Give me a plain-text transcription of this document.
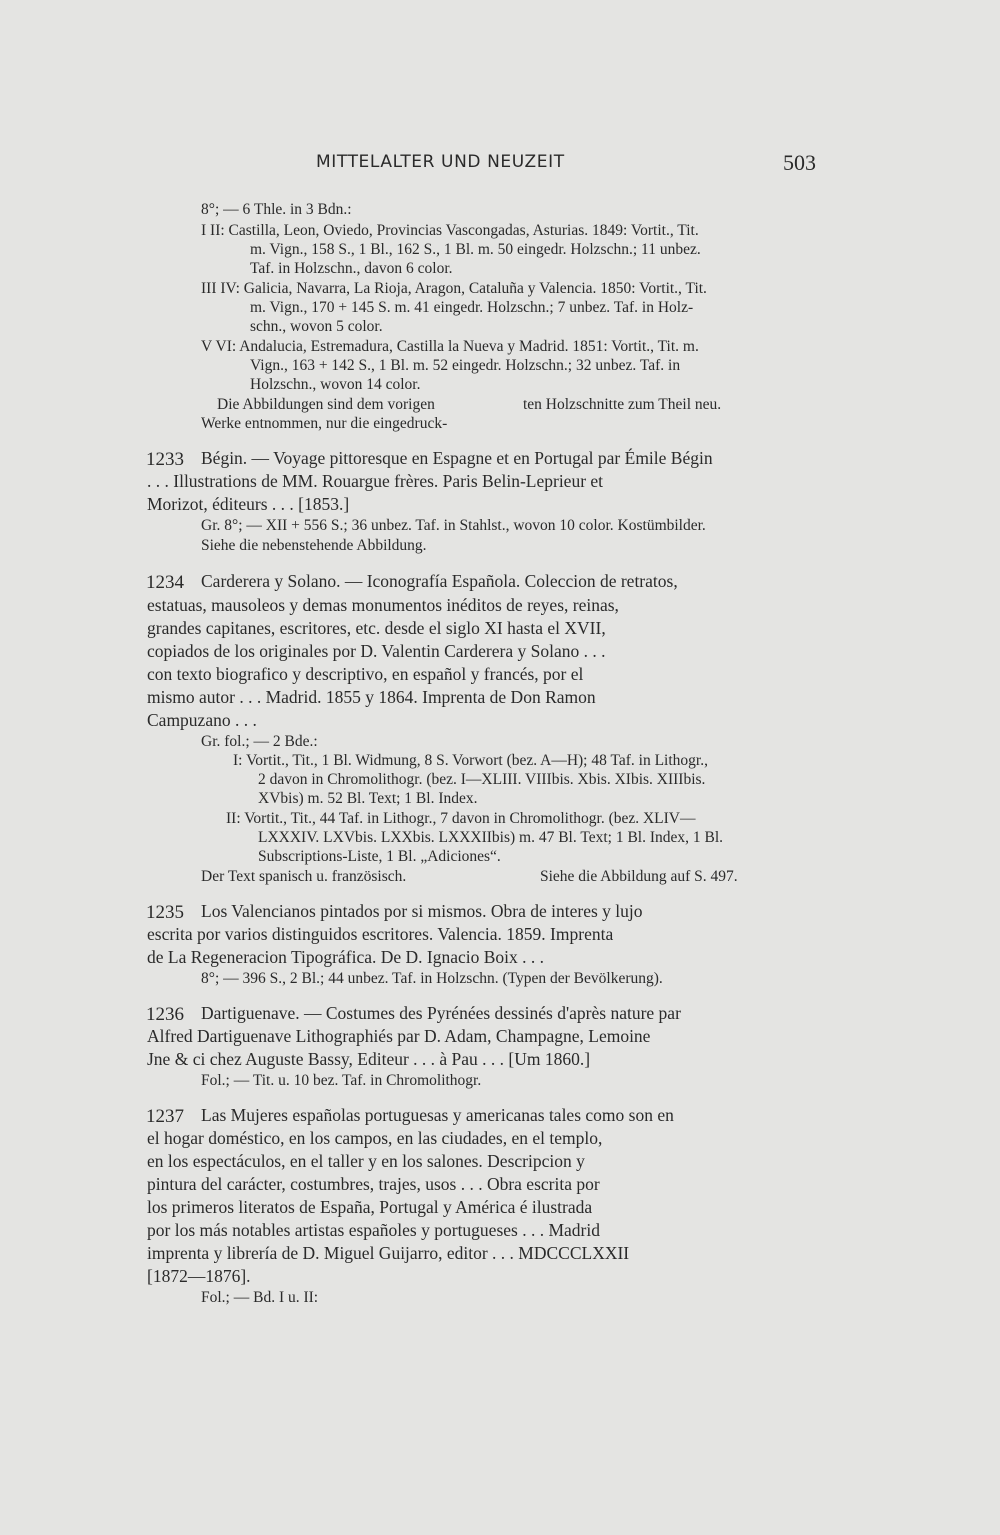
MITTELALTER UND NEUZEIT	503
8°; — 6 Thle. in 3 Bdn.:
I II: Castilla, Leon, Oviedo, Provincias Vascongadas, Asturias. 1849: Vortit., Tit.
m. Vign., 158 S., 1 Bl., 162 S., 1 Bl. m. 50 eingedr. Holzschn.; 11 unbez.
Taf. in Holzschn., davon 6 color.
III IV: Galicia, Navarra, La Rioja, Aragon, Cataluña y Valencia. 1850: Vortit., Tit.
m. Vign., 170 + 145 S. m. 41 eingedr. Holzschn.; 7 unbez. Taf. in Holz-
schn., wovon 5 color.
V VI: Andalucia, Estremadura, Castilla la Nueva y Madrid. 1851: Vortit., Tit. m.
Vign., 163 + 142 S., 1 Bl. m. 52 eingedr. Holzschn.; 32 unbez. Taf. in
Holzschn., wovon 14 color.
Die Abbildungen sind dem vorigen	ten Holzschnitte zum Theil neu.
Werke entnommen, nur die eingedruck-
1233 Bégin. — Voyage pittoresque en Espagne et en Portugal par Émile Bégin
. . . Illustrations de MM. Rouargue frères. Paris Belin-Leprieur et
Morizot, éditeurs . . . [1853.]
Gr. 8°; — XII + 556 S.; 36 unbez. Taf. in Stahlst., wovon 10 color. Kostümbilder.
Siehe die nebenstehende Abbildung.
1234 Carderera y Solano. — Iconografía Española. Coleccion de retratos,
estatuas, mausoleos y demas monumentos inéditos de reyes, reinas,
grandes capitanes, escritores, etc. desde el siglo XI hasta el XVII,
copiados de los originales por D. Valentin Carderera y Solano . . .
con texto biografico y descriptivo, en español y francés, por el
mismo autor . . . Madrid. 1855 y 1864. Imprenta de Don Ramon
Campuzano . . .
Gr. fol.; — 2 Bde.:
I: Vortit., Tit., 1 Bl. Widmung, 8 S. Vorwort (bez. A—H); 48 Taf. in Lithogr.,
2 davon in Chromolithogr. (bez. I—XLIII. VIIIbis. Xbis. XIbis. XIIIbis.
XVbis) m. 52 Bl. Text; 1 Bl. Index.
II: Vortit., Tit., 44 Taf. in Lithogr., 7 davon in Chromolithogr. (bez. XLIV—
LXXXIV. LXVbis. LXXbis. LXXXIIbis) m. 47 Bl. Text; 1 Bl. Index, 1 Bl.
Subscriptions-Liste, 1 Bl. „Adiciones“.
Der Text spanisch u. französisch.	Siehe die Abbildung auf S. 497.
1235 Los Valencianos pintados por si mismos. Obra de interes y lujo
escrita por varios distinguidos escritores. Valencia. 1859. Imprenta
de La Regeneracion Tipográfica. De D. Ignacio Boix . . .
8°; — 396 S., 2 Bl.; 44 unbez. Taf. in Holzschn. (Typen der Bevölkerung).
1236 Dartiguenave. — Costumes des Pyrénées dessinés d'après nature par
Alfred Dartiguenave Lithographiés par D. Adam, Champagne, Lemoine
Jne & ci chez Auguste Bassy, Editeur . . . à Pau . . . [Um 1860.]
Fol.; — Tit. u. 10 bez. Taf. in Chromolithogr.
1237 Las Mujeres españolas portuguesas y americanas tales como son en
el hogar doméstico, en los campos, en las ciudades, en el templo,
en los espectáculos, en el taller y en los salones. Descripcion y
pintura del carácter, costumbres, trajes, usos . . . Obra escrita por
los primeros literatos de España, Portugal y América é ilustrada
por los más notables artistas españoles y portugueses . . . Madrid
imprenta y librería de D. Miguel Guijarro, editor . . . MDCCCLXXII
[1872—1876].
Fol.; — Bd. I u. II:
